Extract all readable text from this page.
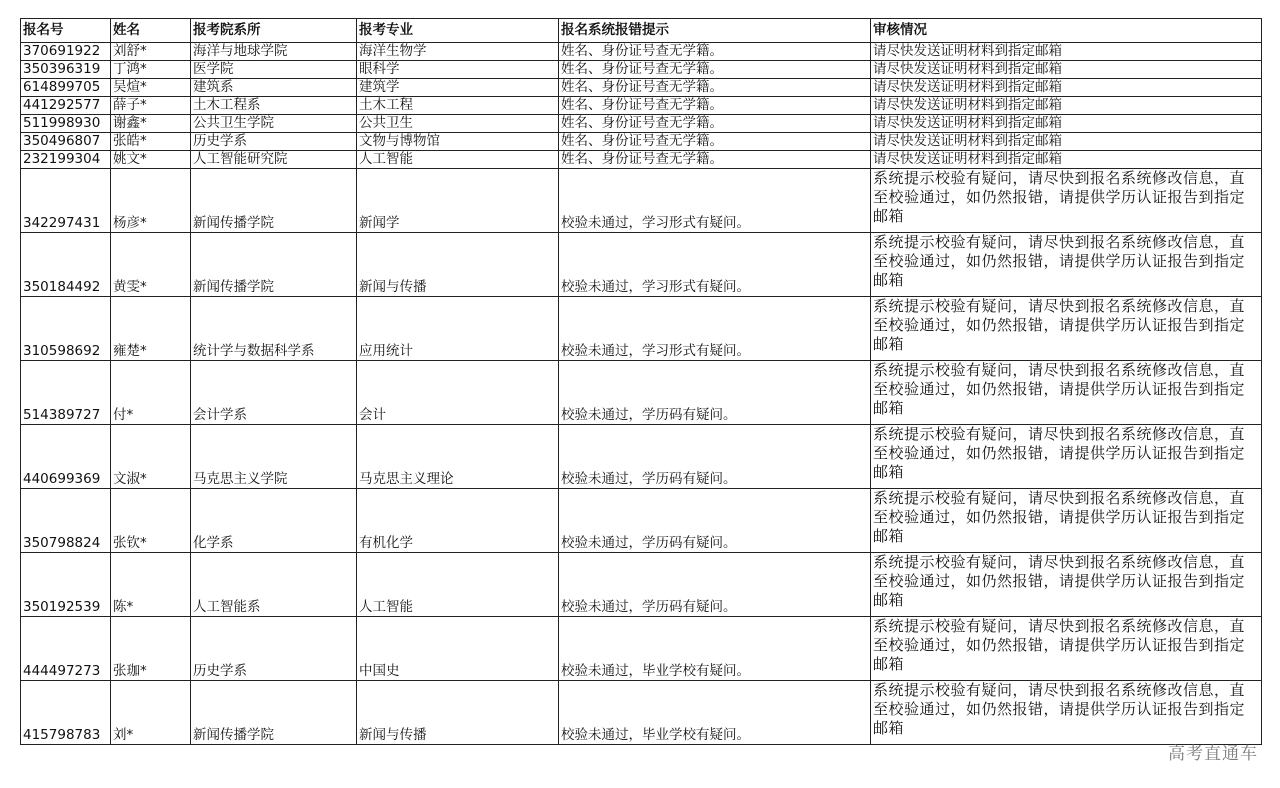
报名号	姓名	报考院系所	报考专业	报名系统报错提示	审核情况
370691922	刘舒*	海洋与地球学院	海洋生物学	姓名、身份证号查无学籍。	请尽快发送证明材料到指定邮箱
350396319	丁鸿*	医学院	眼科学	姓名、身份证号查无学籍。	请尽快发送证明材料到指定邮箱
614899705	吴煊*	建筑系	建筑学	姓名、身份证号查无学籍。	请尽快发送证明材料到指定邮箱
441292577	薛子*	土木工程系	土木工程	姓名、身份证号查无学籍。	请尽快发送证明材料到指定邮箱
511998930	谢鑫*	公共卫生学院	公共卫生	姓名、身份证号查无学籍。	请尽快发送证明材料到指定邮箱
350496807	张皓*	历史学系	文物与博物馆	姓名、身份证号查无学籍。	请尽快发送证明材料到指定邮箱
232199304	姚文*	人工智能研究院	人工智能	姓名、身份证号查无学籍。	请尽快发送证明材料到指定邮箱
342297431	杨彦*	新闻传播学院	新闻学	校验未通过，学习形式有疑问。	系统提示校验有疑问，请尽快到报名系统修改信息，直至校验通过，如仍然报错，请提供学历认证报告到指定邮箱
350184492	黄雯*	新闻传播学院	新闻与传播	校验未通过，学习形式有疑问。	系统提示校验有疑问，请尽快到报名系统修改信息，直至校验通过，如仍然报错，请提供学历认证报告到指定邮箱
310598692	雍楚*	统计学与数据科学系	应用统计	校验未通过，学习形式有疑问。	系统提示校验有疑问，请尽快到报名系统修改信息，直至校验通过，如仍然报错，请提供学历认证报告到指定邮箱
514389727	付*	会计学系	会计	校验未通过，学历码有疑问。	系统提示校验有疑问，请尽快到报名系统修改信息，直至校验通过，如仍然报错，请提供学历认证报告到指定邮箱
440699369	文淑*	马克思主义学院	马克思主义理论	校验未通过，学历码有疑问。	系统提示校验有疑问，请尽快到报名系统修改信息，直至校验通过，如仍然报错，请提供学历认证报告到指定邮箱
350798824	张钦*	化学系	有机化学	校验未通过，学历码有疑问。	系统提示校验有疑问，请尽快到报名系统修改信息，直至校验通过，如仍然报错，请提供学历认证报告到指定邮箱
350192539	陈*	人工智能系	人工智能	校验未通过，学历码有疑问。	系统提示校验有疑问，请尽快到报名系统修改信息，直至校验通过，如仍然报错，请提供学历认证报告到指定邮箱
444497273	张珈*	历史学系	中国史	校验未通过，毕业学校有疑问。	系统提示校验有疑问，请尽快到报名系统修改信息，直至校验通过，如仍然报错，请提供学历认证报告到指定邮箱
415798783	刘*	新闻传播学院	新闻与传播	校验未通过，毕业学校有疑问。	系统提示校验有疑问，请尽快到报名系统修改信息，直至校验通过，如仍然报错，请提供学历认证报告到指定邮箱
高考直通车
